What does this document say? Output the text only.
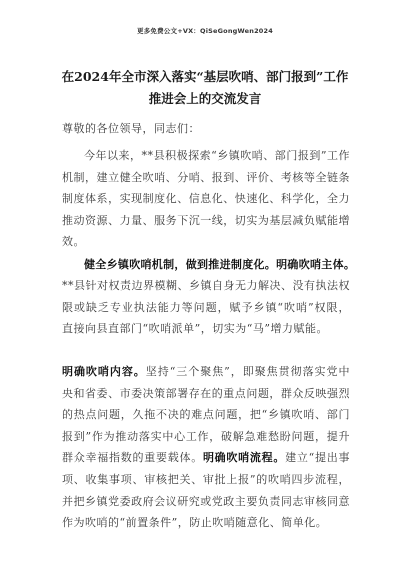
更多免费公文+V​X：QiSeGongWen2024
在2024年全市深入落实“基层吹哨、部门报到”工作推进会上的交流发言
尊敬的各位领导，同志们：
今年以来，**县积极探索“乡镇吹哨、部门报到”工作机制，建立健全吹哨、分哨、报到、评价、考核等全链条制度体系，实现制度化、信息化、快速化、科学化，全力推动资源、力量、服务下沉一线，切实为基层减负赋能增效。
健全乡镇吹哨机制，做到推进制度化。明确吹哨主体。
**县针对权责边界模糊、乡镇自身无力解决、没有执法权限或缺乏专业执法能力等问题，赋予乡镇“吹哨”权限，直接向县直部门“吹哨派单”，切实为“马”增力赋能。
明确吹哨内容。坚持“三个聚焦”，即聚焦贯彻落实党中央和省委、市委决策部署存在的重点问题，群众反映强烈的热点问题，久拖不决的难点问题，把“乡镇吹哨、部门报到”作为推动落实中心工作，破解急难愁盼问题，提升群众幸福指数的重要载体。明确吹哨流程。建立“提出事项、收集事项、审核把关、审批上报”的吹哨四步流程，并把乡镇党委政府会议研究或党政主要负责同志审核同意作为吹哨的“前置条件”，防止吹哨随意化、简单化。
